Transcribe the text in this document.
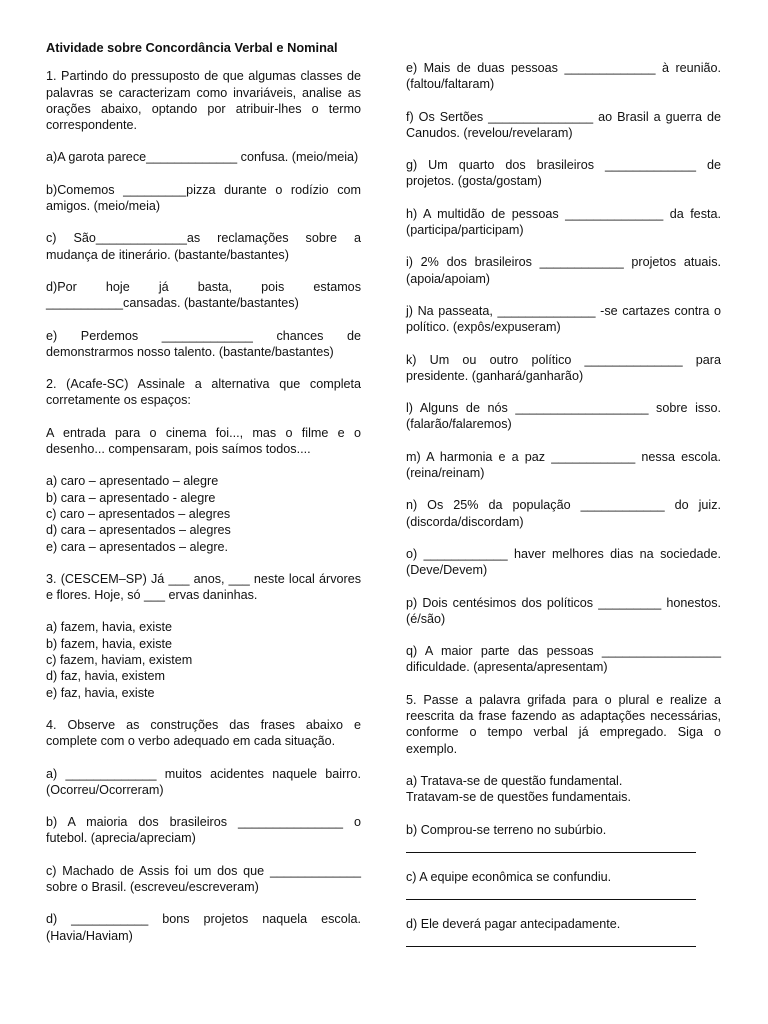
Atividade sobre Concordância Verbal e Nominal

1. Partindo do pressuposto de que algumas classes de palavras se caracterizam como invariáveis, analise as orações abaixo, optando por atribuir-lhes o termo correspondente.

a)A garota parece_____________ confusa. (meio/meia)

b)Comemos _________pizza durante o rodízio com amigos. (meio/meia)

c) São_____________as reclamações sobre a mudança de itinerário. (bastante/bastantes)

d)Por hoje já basta, pois estamos ___________cansadas. (bastante/bastantes)

e) Perdemos _____________ chances de demonstrarmos nosso talento. (bastante/bastantes)

2. (Acafe-SC) Assinale a alternativa que completa corretamente os espaços:

A entrada para o cinema foi..., mas o filme e o desenho... compensaram, pois saímos todos....

a) caro – apresentado – alegre

b) cara – apresentado - alegre

c) caro – apresentados – alegres

d) cara – apresentados – alegres

e) cara – apresentados – alegre.

3. (CESCEM–SP) Já ___ anos, ___ neste local árvores e flores. Hoje, só ___ ervas daninhas.

a) fazem, havia, existe

b) fazem, havia, existe

c) fazem, haviam, existem

d) faz, havia, existem

e) faz, havia, existe

4. Observe as construções das frases abaixo e complete com o verbo adequado em cada situação.

a) _____________ muitos acidentes naquele bairro. (Ocorreu/Ocorreram)

b) A maioria dos brasileiros _______________ o futebol. (aprecia/apreciam)

c) Machado de Assis foi um dos que _____________ sobre o Brasil. (escreveu/escreveram)

d) ___________ bons projetos naquela escola. (Havia/Haviam)

e) Mais de duas pessoas _____________ à reunião. (faltou/faltaram)

f) Os Sertões _______________ ao Brasil a guerra de Canudos. (revelou/revelaram)

g) Um quarto dos brasileiros _____________ de projetos. (gosta/gostam)

h) A multidão de pessoas ______________ da festa. (participa/participam)

i) 2% dos brasileiros ____________ projetos atuais. (apoia/apoiam)

j) Na passeata, ______________ -se cartazes contra o político. (expôs/expuseram)

k) Um ou outro político ______________ para presidente. (ganhará/ganharão)

l) Alguns de nós ___________________ sobre isso. (falarão/falaremos)

m) A harmonia e a paz ____________ nessa escola. (reina/reinam)

n) Os 25% da população ____________ do juiz. (discorda/discordam)

o) ____________ haver melhores dias na sociedade. (Deve/Devem)

p) Dois centésimos dos políticos _________ honestos. (é/são)

q) A maior parte das pessoas _________________ dificuldade. (apresenta/apresentam)

5. Passe a palavra grifada para o plural e realize a reescrita da frase fazendo as adaptações necessárias, conforme o tempo verbal já empregado. Siga o exemplo.

a) Tratava-se de questão fundamental.

Tratavam-se de questões fundamentais.

b) Comprou-se terreno no subúrbio.

c) A equipe econômica se confundiu.

d) Ele deverá pagar antecipadamente.
